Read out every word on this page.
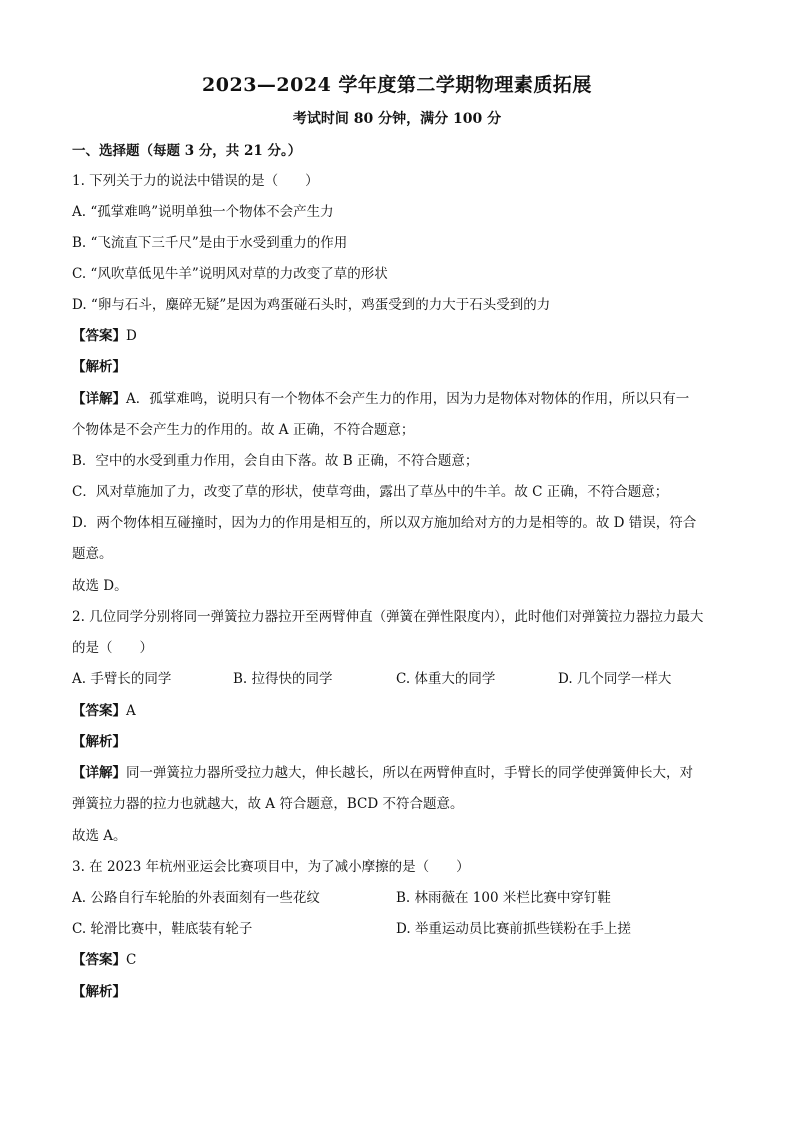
2023—2024 学年度第二学期物理素质拓展
考试时间 80 分钟，满分 100 分
一、选择题（每题 3 分，共 21 分。）
1. 下列关于力的说法中错误的是（　　）
A. “孤掌难鸣”说明单独一个物体不会产生力
B. “飞流直下三千尺”是由于水受到重力的作用
C. “风吹草低见牛羊”说明风对草的力改变了草的形状
D. “卵与石斗，麋碎无疑”是因为鸡蛋碰石头时，鸡蛋受到的力大于石头受到的力
【答案】D
【解析】
【详解】A．孤掌难鸣，说明只有一个物体不会产生力的作用，因为力是物体对物体的作用，所以只有一
个物体是不会产生力的作用的。故 A 正确，不符合题意；
B．空中的水受到重力作用，会自由下落。故 B 正确，不符合题意；
C．风对草施加了力，改变了草的形状，使草弯曲，露出了草丛中的牛羊。故 C 正确，不符合题意；
D．两个物体相互碰撞时，因为力的作用是相互的，所以双方施加给对方的力是相等的。故 D 错误，符合
题意。
故选 D。
2. 几位同学分别将同一弹簧拉力器拉开至两臂伸直（弹簧在弹性限度内），此时他们对弹簧拉力器拉力最大
的是（　　）
A. 手臂长的同学	B. 拉得快的同学	C. 体重大的同学	D. 几个同学一样大
【答案】A
【解析】
【详解】同一弹簧拉力器所受拉力越大，伸长越长，所以在两臂伸直时，手臂长的同学使弹簧伸长大，对
弹簧拉力器的拉力也就越大，故 A 符合题意，BCD 不符合题意。
故选 A。
3. 在 2023 年杭州亚运会比赛项目中，为了减小摩擦的是（　　）
A. 公路自行车轮胎的外表面刻有一些花纹	B. 林雨薇在 100 米栏比赛中穿钉鞋
C. 轮滑比赛中，鞋底装有轮子	D. 举重运动员比赛前抓些镁粉在手上搓
【答案】C
【解析】
